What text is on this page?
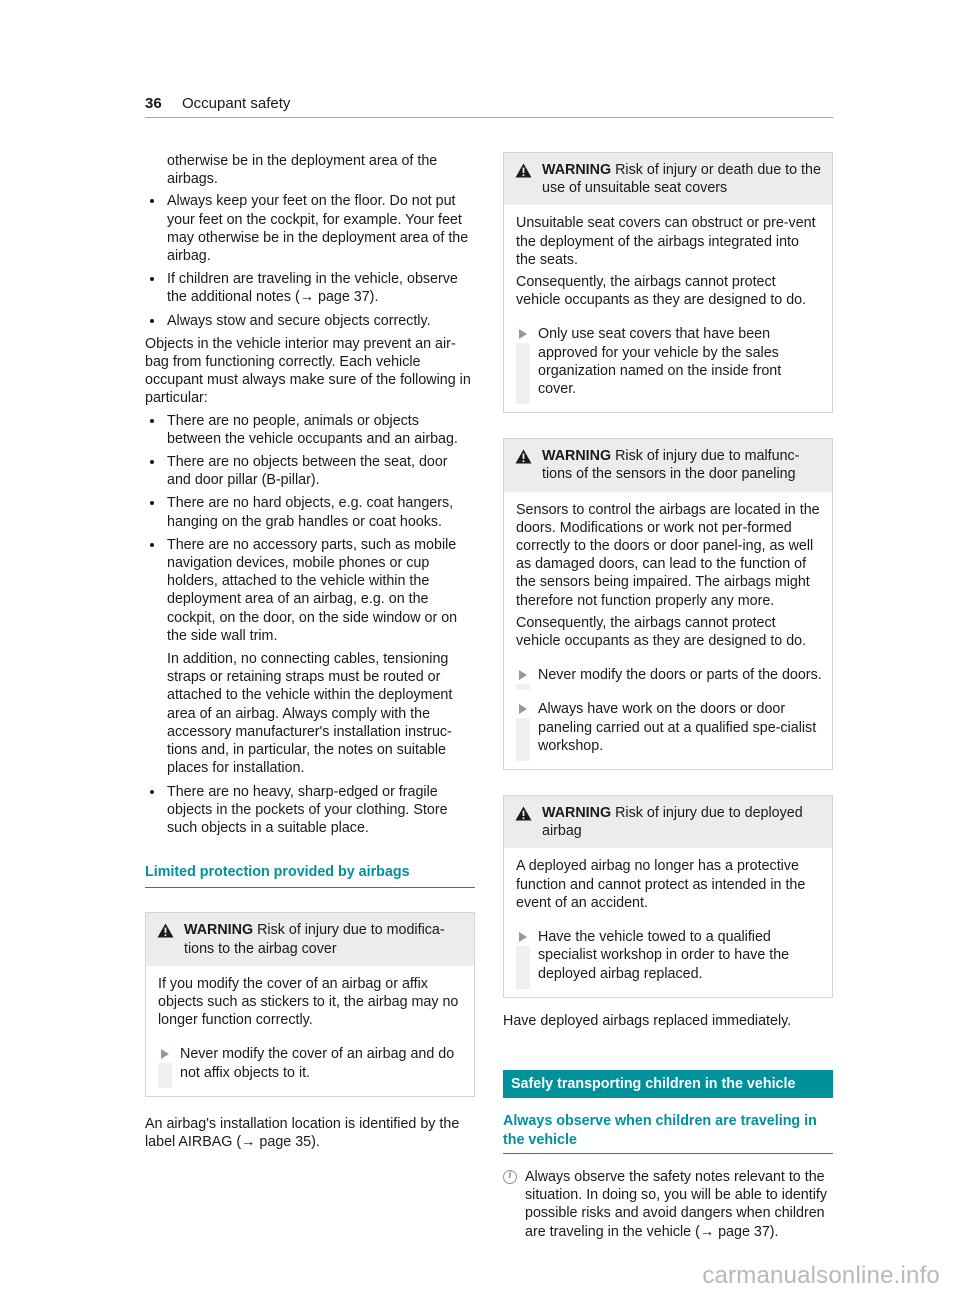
36 Occupant safety

otherwise be in the deployment area of the airbags.

Always keep your feet on the floor. Do not put your feet on the cockpit, for example. Your feet may otherwise be in the deployment area of the airbag.
If children are traveling in the vehicle, observe the additional notes (→ page 37).
Always stow and secure objects correctly.

Objects in the vehicle interior may prevent an air-bag from functioning correctly. Each vehicle occupant must always make sure of the following in particular:

There are no people, animals or objects between the vehicle occupants and an airbag.
There are no objects between the seat, door and door pillar (B-pillar).
There are no hard objects, e.g. coat hangers, hanging on the grab handles or coat hooks.
There are no accessory parts, such as mobile navigation devices, mobile phones or cup holders, attached to the vehicle within the deployment area of an airbag, e.g. on the cockpit, on the door, on the side window or on the side wall trim.
In addition, no connecting cables, tensioning straps or retaining straps must be routed or attached to the vehicle within the deployment area of an airbag. Always comply with the accessory manufacturer's installation instruc-tions and, in particular, the notes on suitable places for installation.
There are no heavy, sharp-edged or fragile objects in the pockets of your clothing. Store such objects in a suitable place.
Limited protection provided by airbags
WARNING Risk of injury due to modifica-tions to the airbag cover

If you modify the cover of an airbag or affix objects such as stickers to it, the airbag may no longer function correctly.

Never modify the cover of an airbag and do not affix objects to it.

An airbag's installation location is identified by the label AIRBAG (→ page 35).

WARNING Risk of injury or death due to the use of unsuitable seat covers

Unsuitable seat covers can obstruct or pre-vent the deployment of the airbags integrated into the seats.

Consequently, the airbags cannot protect vehicle occupants as they are designed to do.

Only use seat covers that have been approved for your vehicle by the sales organization named on the inside front cover.

WARNING Risk of injury due to malfunc-tions of the sensors in the door paneling

Sensors to control the airbags are located in the doors. Modifications or work not per-formed correctly to the doors or door panel-ing, as well as damaged doors, can lead to the function of the sensors being impaired. The airbags might therefore not function properly any more.

Consequently, the airbags cannot protect vehicle occupants as they are designed to do.

Never modify the doors or parts of the doors.

Always have work on the doors or door paneling carried out at a qualified spe-cialist workshop.

WARNING Risk of injury due to deployed airbag

A deployed airbag no longer has a protective function and cannot protect as intended in the event of an accident.

Have the vehicle towed to a qualified specialist workshop in order to have the deployed airbag replaced.

Have deployed airbags replaced immediately.

Safely transporting children in the vehicle
Always observe when children are traveling in the vehicle
i Always observe the safety notes relevant to the situation. In doing so, you will be able to identify possible risks and avoid dangers when children are traveling in the vehicle (→ page 37).

carmanualsonline.info
